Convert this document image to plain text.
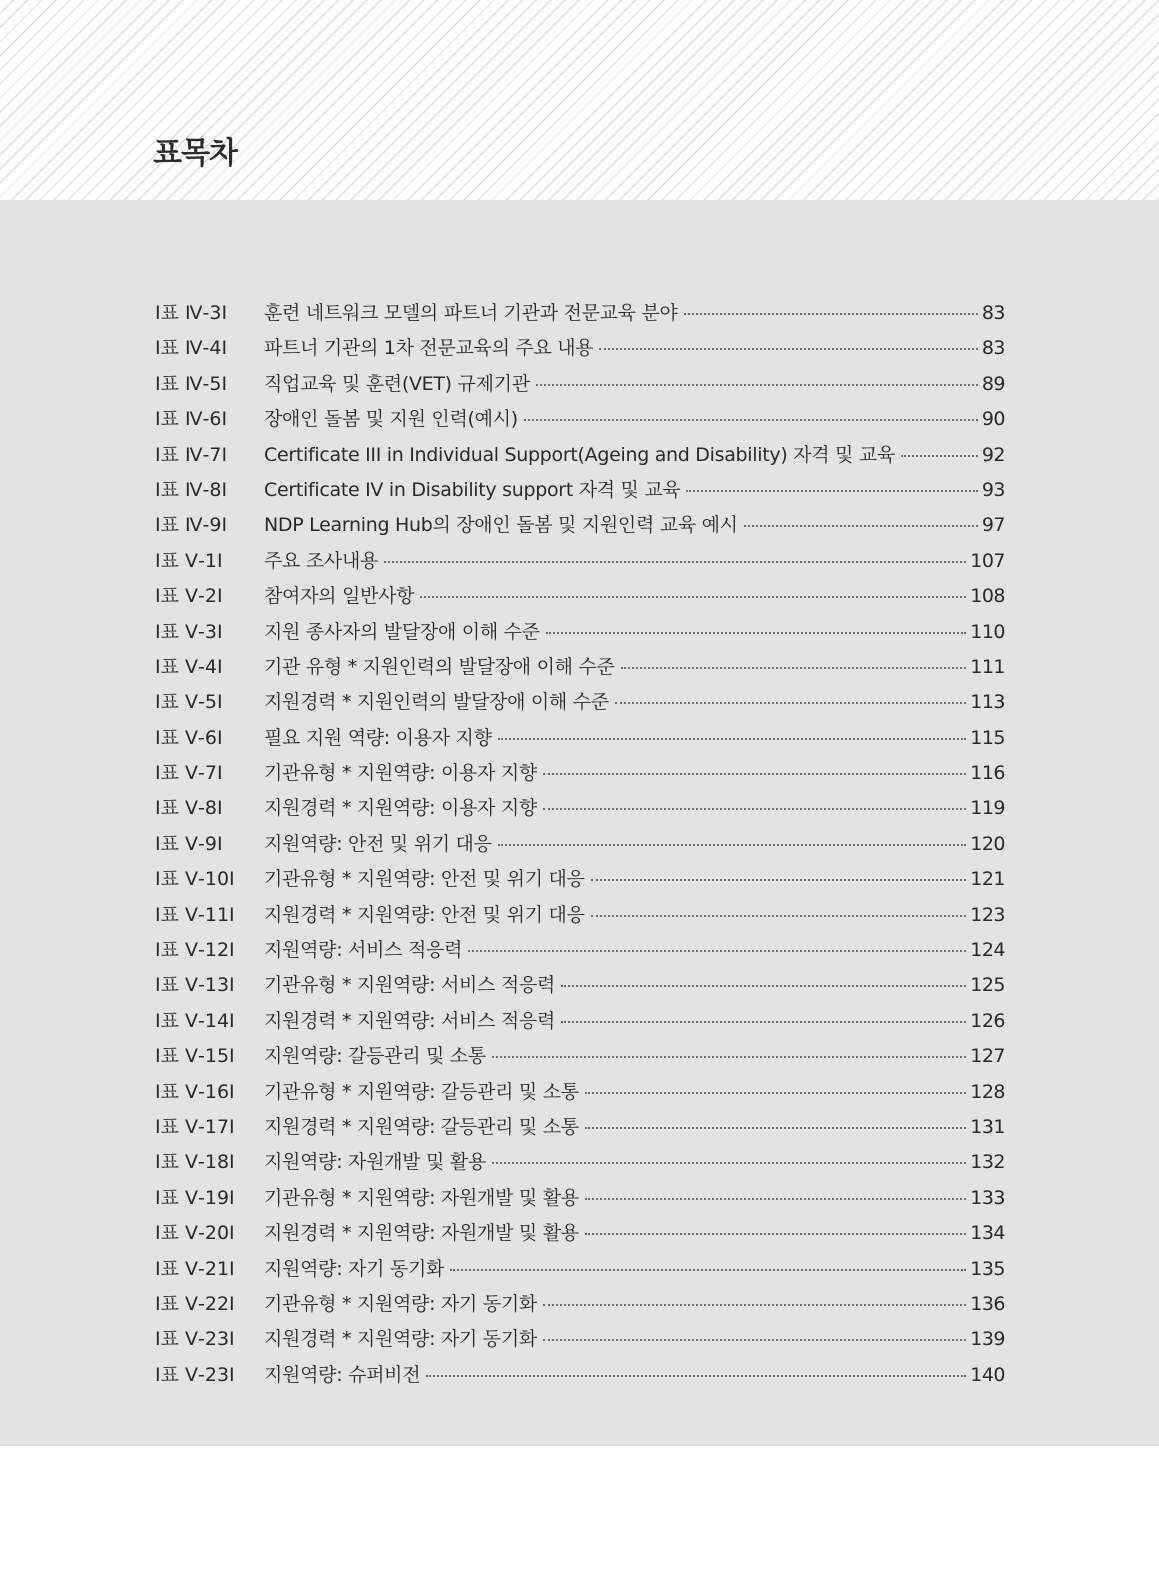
표목차
Ⅰ표 Ⅳ-3Ⅰ	훈련 네트워크 모델의 파트너 기관과 전문교육 분야	83
Ⅰ표 Ⅳ-4Ⅰ	파트너 기관의 1차 전문교육의 주요 내용	83
Ⅰ표 Ⅳ-5Ⅰ	직업교육 및 훈련(VET) 규제기관	89
Ⅰ표 Ⅳ-6Ⅰ	장애인 돌봄 및 지원 인력(예시)	90
Ⅰ표 Ⅳ-7Ⅰ	Certificate III in Individual Support(Ageing and Disability) 자격 및 교육	92
Ⅰ표 Ⅳ-8Ⅰ	Certificate IV in Disability support 자격 및 교육	93
Ⅰ표 Ⅳ-9Ⅰ	NDP Learning Hub의 장애인 돌봄 및 지원인력 교육 예시	97
Ⅰ표 Ⅴ-1Ⅰ	주요 조사내용	107
Ⅰ표 Ⅴ-2Ⅰ	참여자의 일반사항	108
Ⅰ표 Ⅴ-3Ⅰ	지원 종사자의 발달장애 이해 수준	110
Ⅰ표 Ⅴ-4Ⅰ	기관 유형 * 지원인력의 발달장애 이해 수준	111
Ⅰ표 Ⅴ-5Ⅰ	지원경력 * 지원인력의 발달장애 이해 수준	113
Ⅰ표 Ⅴ-6Ⅰ	필요 지원 역량: 이용자 지향	115
Ⅰ표 Ⅴ-7Ⅰ	기관유형 * 지원역량: 이용자 지향	116
Ⅰ표 Ⅴ-8Ⅰ	지원경력 * 지원역량: 이용자 지향	119
Ⅰ표 Ⅴ-9Ⅰ	지원역량: 안전 및 위기 대응	120
Ⅰ표 Ⅴ-10Ⅰ	기관유형 * 지원역량: 안전 및 위기 대응	121
Ⅰ표 Ⅴ-11Ⅰ	지원경력 * 지원역량: 안전 및 위기 대응	123
Ⅰ표 Ⅴ-12Ⅰ	지원역량: 서비스 적응력	124
Ⅰ표 Ⅴ-13Ⅰ	기관유형 * 지원역량: 서비스 적응력	125
Ⅰ표 Ⅴ-14Ⅰ	지원경력 * 지원역량: 서비스 적응력	126
Ⅰ표 Ⅴ-15Ⅰ	지원역량: 갈등관리 및 소통	127
Ⅰ표 Ⅴ-16Ⅰ	기관유형 * 지원역량: 갈등관리 및 소통	128
Ⅰ표 Ⅴ-17Ⅰ	지원경력 * 지원역량: 갈등관리 및 소통	131
Ⅰ표 Ⅴ-18Ⅰ	지원역량: 자원개발 및 활용	132
Ⅰ표 Ⅴ-19Ⅰ	기관유형 * 지원역량: 자원개발 및 활용	133
Ⅰ표 Ⅴ-20Ⅰ	지원경력 * 지원역량: 자원개발 및 활용	134
Ⅰ표 Ⅴ-21Ⅰ	지원역량: 자기 동기화	135
Ⅰ표 Ⅴ-22Ⅰ	기관유형 * 지원역량: 자기 동기화	136
Ⅰ표 Ⅴ-23Ⅰ	지원경력 * 지원역량: 자기 동기화	139
Ⅰ표 Ⅴ-23Ⅰ	지원역량: 슈퍼비전	140
